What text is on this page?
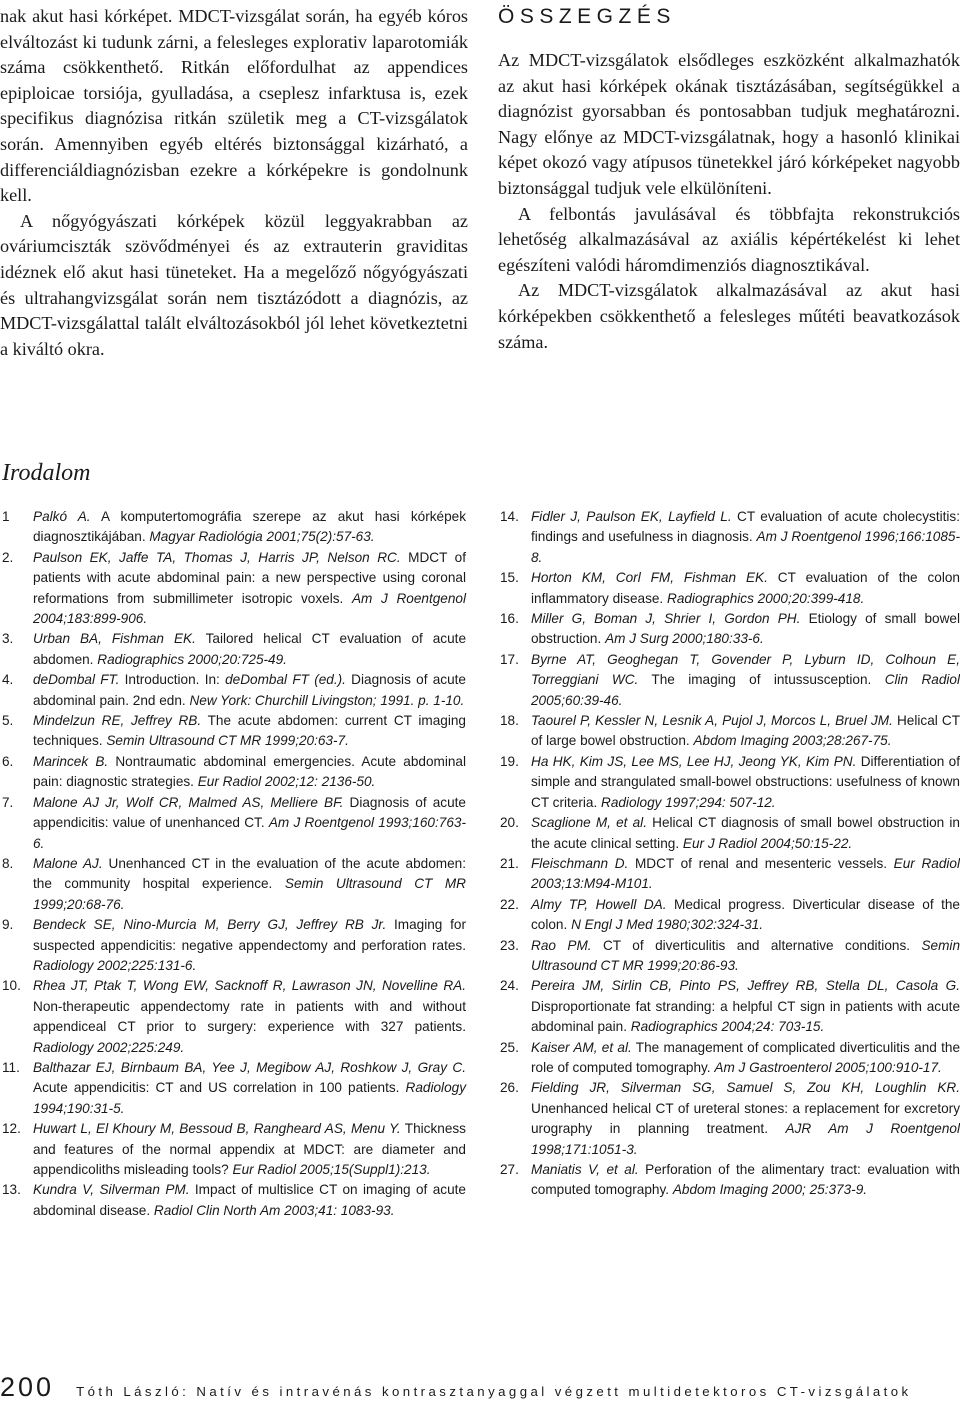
nak akut hasi kórképet. MDCT-vizsgálat során, ha egyéb kóros elváltozást ki tudunk zárni, a felesleges explorativ laparotomiák száma csökkenthető. Ritkán előfordulhat az appendices epiploicae torsiója, gyulladása, a cseplesz infarktusa is, ezek specifikus diagnózisa ritkán születik meg a CT-vizsgálatok során. Amennyiben egyéb eltérés biztonsággal kizárható, a differenciáldiagnózisban ezekre a kórképekre is gondolnunk kell.

A nőgyógyászati kórképek közül leggyakrabban az ováriumciszták szövődményei és az extrauterin graviditas idéznek elő akut hasi tüneteket. Ha a megelőző nőgyógyászati és ultrahangvizsgálat során nem tisztázódott a diagnózis, az MDCT-vizsgálattal talált elváltozásokból jól lehet következtetni a kiváltó okra.

ÖSSZEGZÉS

Az MDCT-vizsgálatok elsődleges eszközként alkalmazhatók az akut hasi kórképek okának tisztázásában, segítségükkel a diagnózist gyorsabban és pontosabban tudjuk meghatározni. Nagy előnye az MDCT-vizsgálatnak, hogy a hasonló klinikai képet okozó vagy atípusos tünetekkel járó kórképeket nagyobb biztonsággal tudjuk vele elkülöníteni.

A felbontás javulásával és többfajta rekonstrukciós lehetőség alkalmazásával az axiális képértékelést ki lehet egészíteni valódi háromdimenziós diagnosztikával.

Az MDCT-vizsgálatok alkalmazásával az akut hasi kórképekben csökkenthető a felesleges műtéti beavatkozások száma.

Irodalom
1 Palkó A. A komputertomográfia szerepe az akut hasi kórképek diagnosztikájában. Magyar Radiológia 2001;75(2):57-63.
2. Paulson EK, Jaffe TA, Thomas J, Harris JP, Nelson RC. MDCT of patients with acute abdominal pain: a new perspective using coronal reformations from submillimeter isotropic voxels. Am J Roentgenol 2004;183:899-906.
3. Urban BA, Fishman EK. Tailored helical CT evaluation of acute abdomen. Radiographics 2000;20:725-49.
4. deDombal FT. Introduction. In: deDombal FT (ed.). Diagnosis of acute abdominal pain. 2nd edn. New York: Churchill Livingston; 1991. p. 1-10.
5. Mindelzun RE, Jeffrey RB. The acute abdomen: current CT imaging techniques. Semin Ultrasound CT MR 1999;20:63-7.
6. Marincek B. Nontraumatic abdominal emergencies. Acute abdominal pain: diagnostic strategies. Eur Radiol 2002;12: 2136-50.
7. Malone AJ Jr, Wolf CR, Malmed AS, Melliere BF. Diagnosis of acute appendicitis: value of unenhanced CT. Am J Roentgenol 1993;160:763-6.
8. Malone AJ. Unenhanced CT in the evaluation of the acute abdomen: the community hospital experience. Semin Ultrasound CT MR 1999;20:68-76.
9. Bendeck SE, Nino-Murcia M, Berry GJ, Jeffrey RB Jr. Imaging for suspected appendicitis: negative appendectomy and perforation rates. Radiology 2002;225:131-6.
10. Rhea JT, Ptak T, Wong EW, Sacknoff R, Lawrason JN, Novelline RA. Non-therapeutic appendectomy rate in patients with and without appendiceal CT prior to surgery: experience with 327 patients. Radiology 2002;225:249.
11. Balthazar EJ, Birnbaum BA, Yee J, Megibow AJ, Roshkow J, Gray C. Acute appendicitis: CT and US correlation in 100 patients. Radiology 1994;190:31-5.
12. Huwart L, El Khoury M, Bessoud B, Rangheard AS, Menu Y. Thickness and features of the normal appendix at MDCT: are diameter and appendicoliths misleading tools? Eur Radiol 2005;15(Suppl1):213.
13. Kundra V, Silverman PM. Impact of multislice CT on imaging of acute abdominal disease. Radiol Clin North Am 2003;41: 1083-93.
14. Fidler J, Paulson EK, Layfield L. CT evaluation of acute cholecystitis: findings and usefulness in diagnosis. Am J Roentgenol 1996;166:1085-8.
15. Horton KM, Corl FM, Fishman EK. CT evaluation of the colon inflammatory disease. Radiographics 2000;20:399-418.
16. Miller G, Boman J, Shrier I, Gordon PH. Etiology of small bowel obstruction. Am J Surg 2000;180:33-6.
17. Byrne AT, Geoghegan T, Govender P, Lyburn ID, Colhoun E, Torreggiani WC. The imaging of intussusception. Clin Radiol 2005;60:39-46.
18. Taourel P, Kessler N, Lesnik A, Pujol J, Morcos L, Bruel JM. Helical CT of large bowel obstruction. Abdom Imaging 2003;28:267-75.
19. Ha HK, Kim JS, Lee MS, Lee HJ, Jeong YK, Kim PN. Differentiation of simple and strangulated small-bowel obstructions: usefulness of known CT criteria. Radiology 1997;294: 507-12.
20. Scaglione M, et al. Helical CT diagnosis of small bowel obstruction in the acute clinical setting. Eur J Radiol 2004;50:15-22.
21. Fleischmann D. MDCT of renal and mesenteric vessels. Eur Radiol 2003;13:M94-M101.
22. Almy TP, Howell DA. Medical progress. Diverticular disease of the colon. N Engl J Med 1980;302:324-31.
23. Rao PM. CT of diverticulitis and alternative conditions. Semin Ultrasound CT MR 1999;20:86-93.
24. Pereira JM, Sirlin CB, Pinto PS, Jeffrey RB, Stella DL, Casola G. Disproportionate fat stranding: a helpful CT sign in patients with acute abdominal pain. Radiographics 2004;24: 703-15.
25. Kaiser AM, et al. The management of complicated diverticulitis and the role of computed tomography. Am J Gastroenterol 2005;100:910-17.
26. Fielding JR, Silverman SG, Samuel S, Zou KH, Loughlin KR. Unenhanced helical CT of ureteral stones: a replacement for excretory urography in planning treatment. AJR Am J Roentgenol 1998;171:1051-3.
27. Maniatis V, et al. Perforation of the alimentary tract: evaluation with computed tomography. Abdom Imaging 2000; 25:373-9.
200 Tóth László: Natív és intravénás kontrasztanyaggal végzett multidetektoros CT-vizsgálatok
